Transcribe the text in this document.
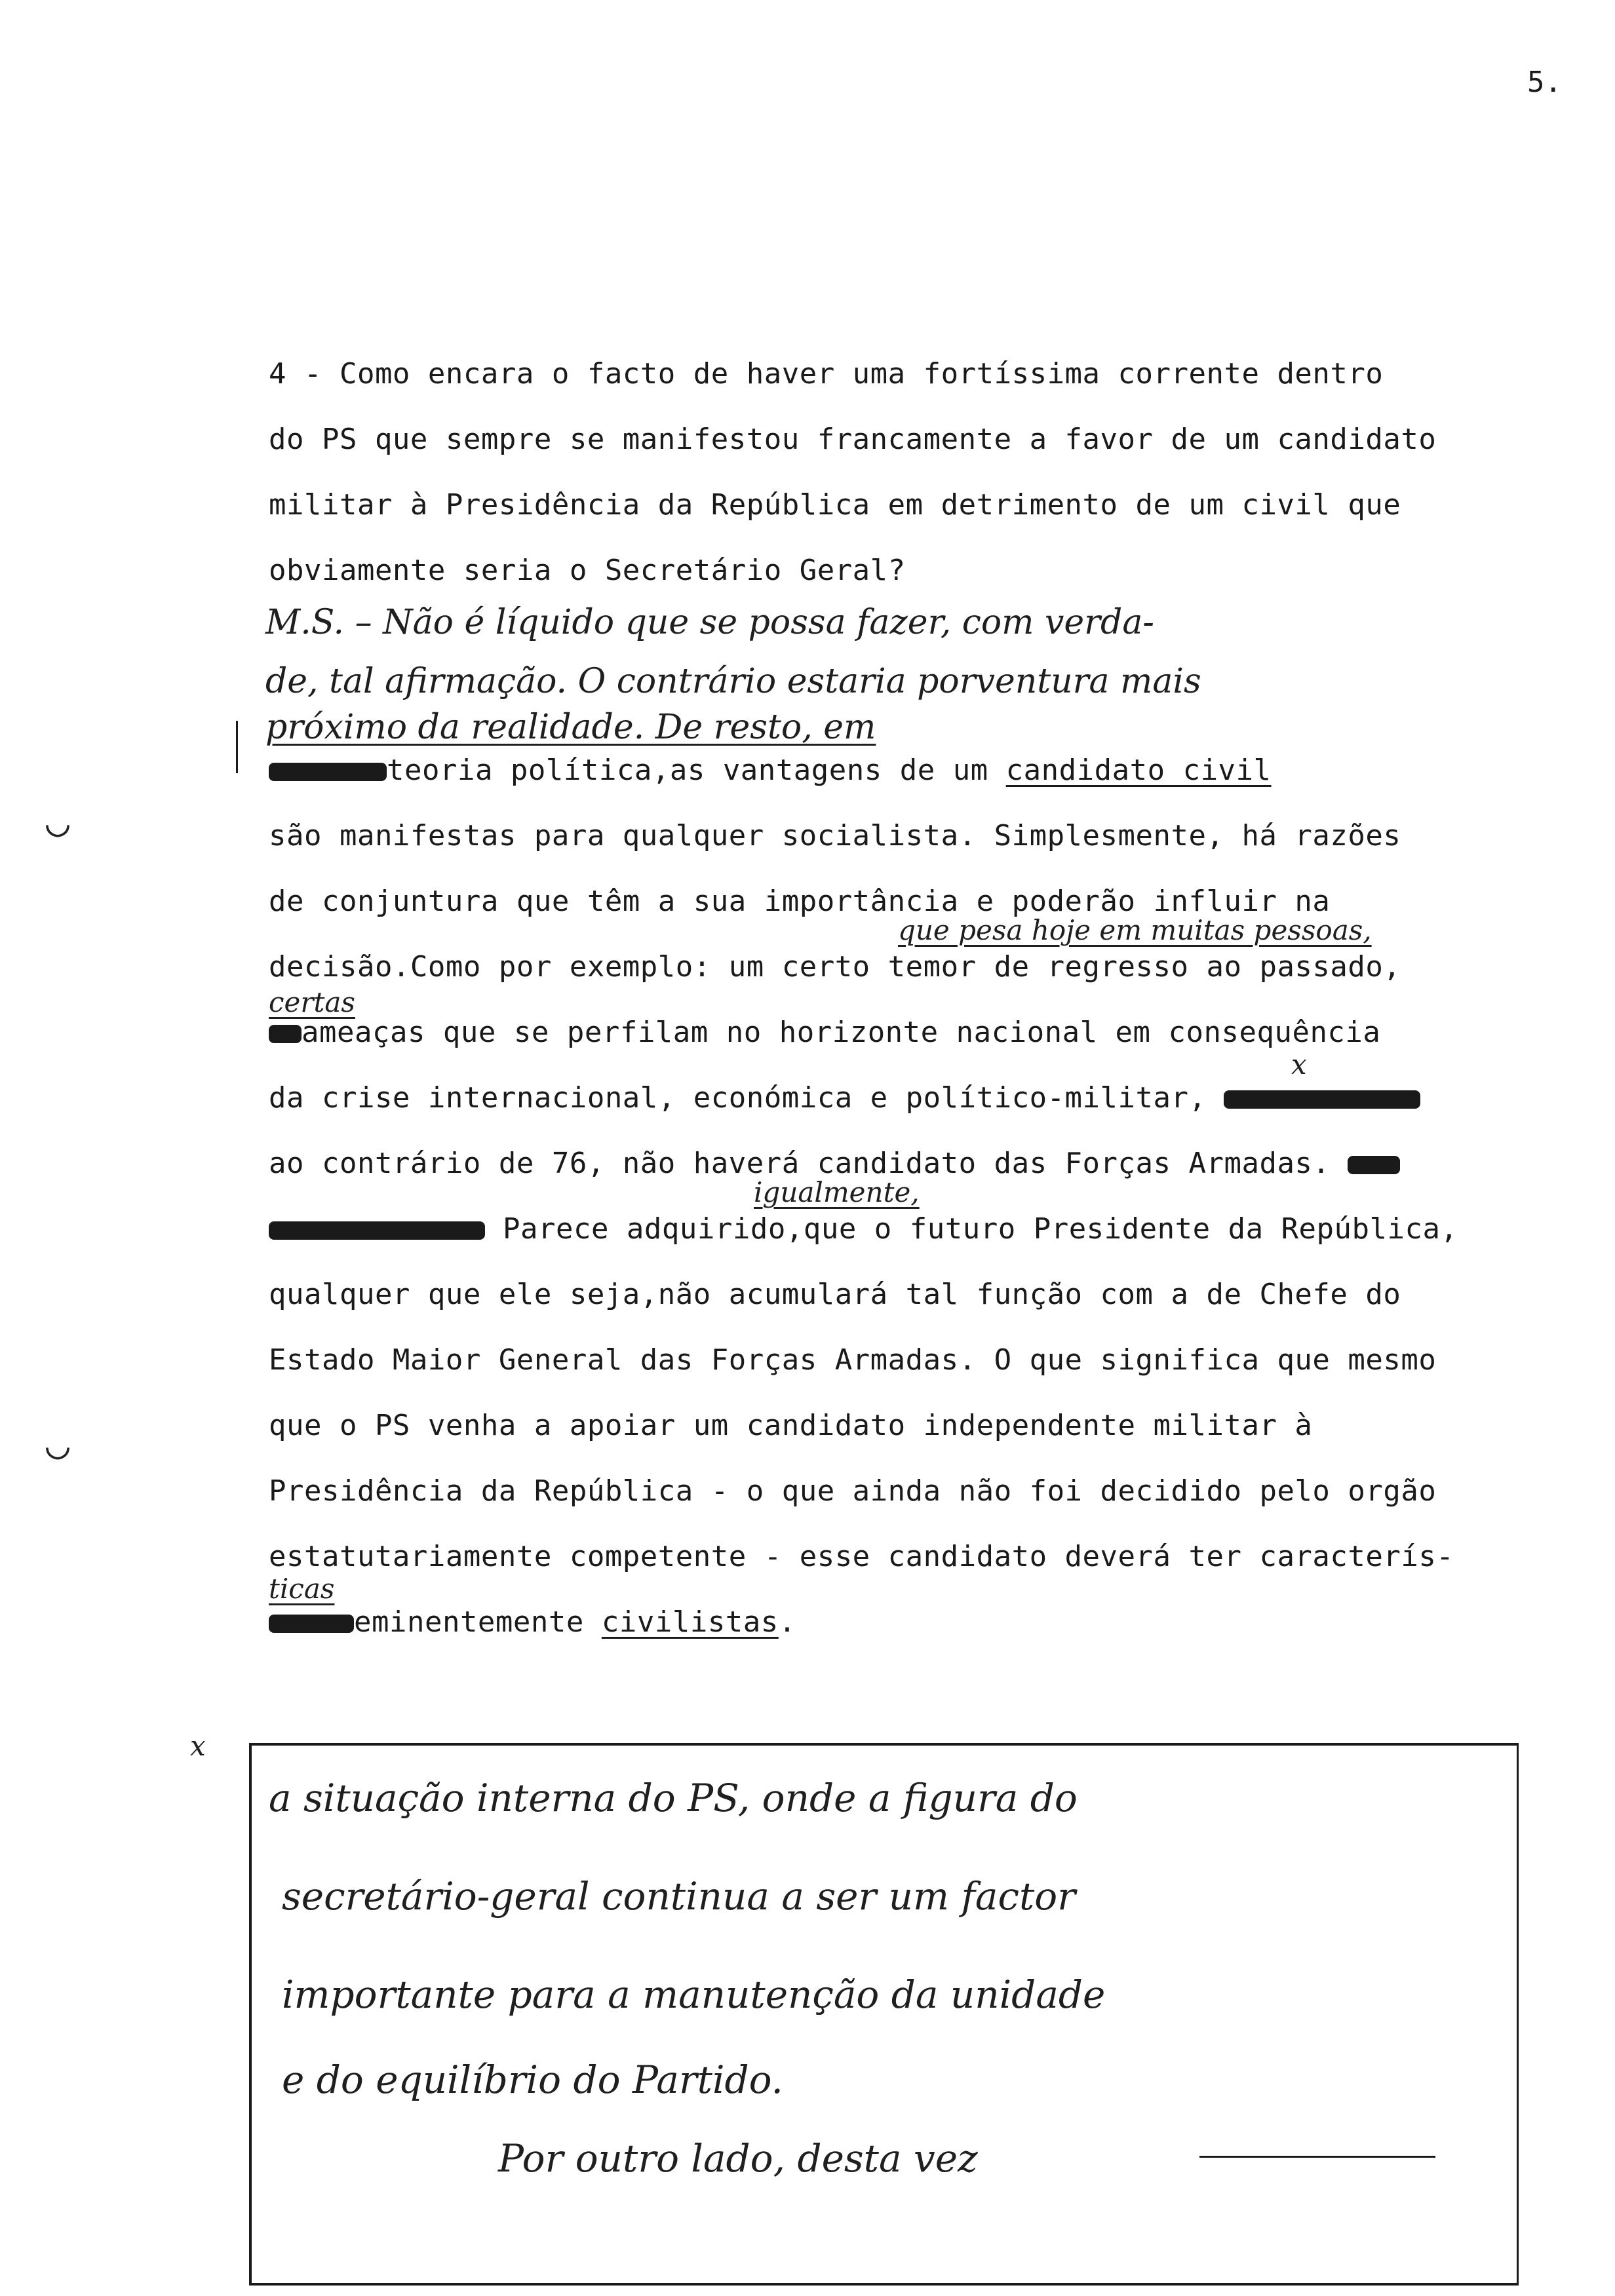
5.
4 - Como encara o facto de haver uma fortíssima corrente dentro
do PS que sempre se manifestou francamente a favor de um candidato
militar à Presidência da República em detrimento de um civil que
obviamente seria o Secretário Geral?
M.S. – Não é líquido que se possa fazer, com verda-
de, tal afirmação. O contrário estaria porventura mais
próximo da realidade. De resto, em
teoria política,as vantagens de um candidato civil
são manifestas para qualquer socialista. Simplesmente, há razões
de conjuntura que têm a sua importância e poderão influir na
que pesa hoje em muitas pessoas,
decisão.Como por exemplo: um certo temor de regresso ao passado,
certas
ameaças que se perfilam no horizonte nacional em consequência
x
da crise internacional, económica e político-militar,
ao contrário de 76, não haverá candidato das Forças Armadas.
igualmente,
Parece adquirido,que o futuro Presidente da República,
qualquer que ele seja,não acumulará tal função com a de Chefe do
Estado Maior General das Forças Armadas. O que significa que mesmo
que o PS venha a apoiar um candidato independente militar à
Presidência da República - o que ainda não foi decidido pelo orgão
estatutariamente competente - esse candidato deverá ter caracterís-
ticas
eminentemente civilistas.
◡
◡
x
a situação interna do PS, onde a figura do
secretário-geral continua a ser um factor
importante para a manutenção da unidade
e do equilíbrio do Partido.
Por outro lado, desta vez
